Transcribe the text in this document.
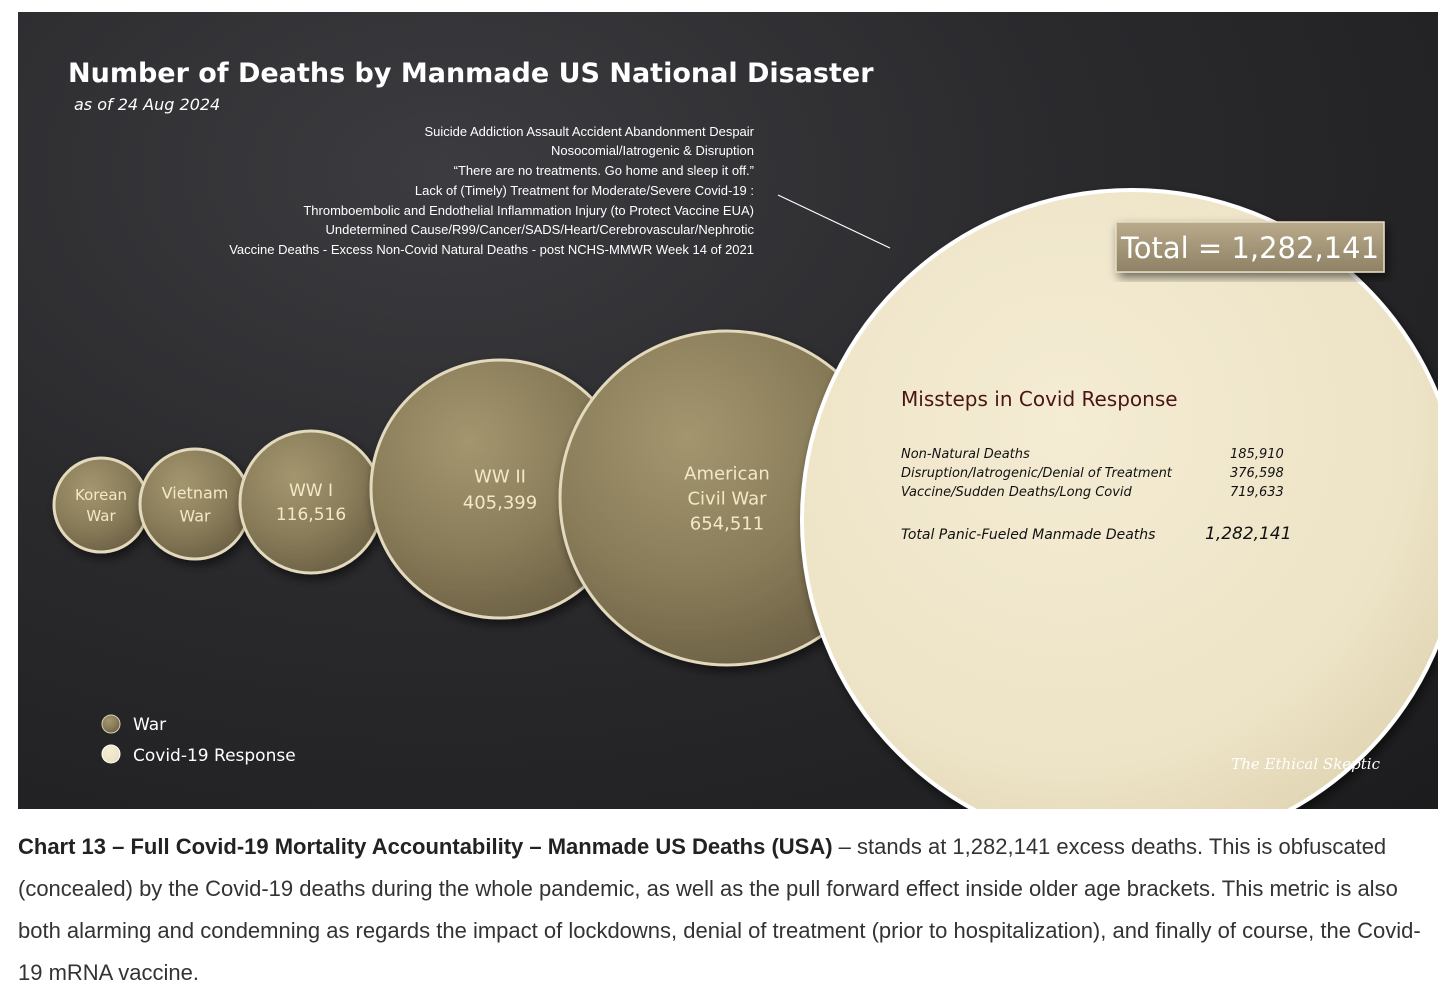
Number of Deaths by Manmade US National Disaster
as of 24 Aug 2024
Suicide Addiction Assault Accident Abandonment Despair
Nosocomial/Iatrogenic & Disruption
“There are no treatments. Go home and sleep it off.”
Lack of (Timely) Treatment for Moderate/Severe Covid-19 :
Thromboembolic and Endothelial Inflammation Injury (to Protect Vaccine EUA)
Undetermined Cause/R99/Cancer/SADS/Heart/Cerebrovascular/Nephrotic
Vaccine Deaths - Excess Non-Covid Natural Deaths - post NCHS-MMWR Week 14 of 2021
Korean
War
Vietnam
War
WW I
116,516
WW II
405,399
American
Civil War
654,511
Total = 1,282,141
Missteps in Covid Response
Non-Natural Deaths	185,910
Disruption/Iatrogenic/Denial of Treatment	376,598
Vaccine/Sudden Deaths/Long Covid	719,633
Total Panic-Fueled Manmade Deaths	1,282,141
War
Covid-19 Response	The Ethical Skeptic

Chart 13 – Full Covid-19 Mortality Accountability – Manmade US Deaths (USA) – stands at 1,282,141 excess deaths. This is obfuscated (concealed) by the Covid-19 deaths during the whole pandemic, as well as the pull forward effect inside older age brackets. This metric is also both alarming and condemning as regards the impact of lockdowns, denial of treatment (prior to hospitalization), and finally of course, the Covid-19 mRNA vaccine.
